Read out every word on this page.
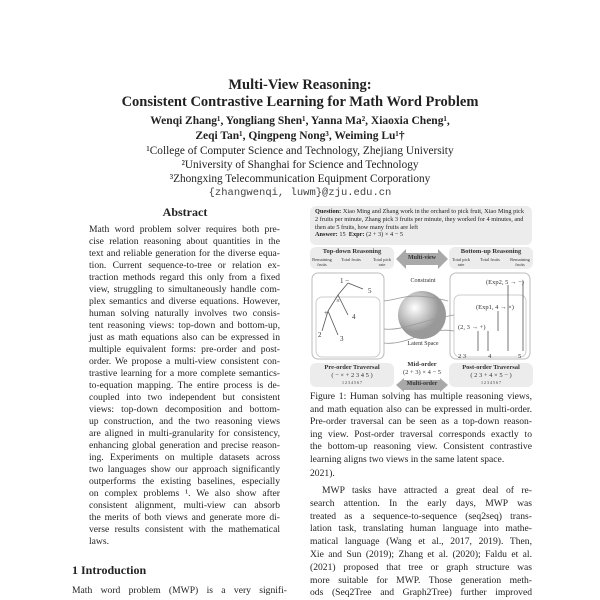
Multi-View Reasoning:
Consistent Contrastive Learning for Math Word Problem
Wenqi Zhang¹, Yongliang Shen¹, Yanna Ma², Xiaoxia Cheng¹,
Zeqi Tan¹, Qingpeng Nong³, Weiming Lu¹†
¹College of Computer Science and Technology, Zhejiang University
²University of Shanghai for Science and Technology
³Zhongxing Telecommunication Equipment Corporationy
{zhangwenqi, luwm}@zju.edu.cn
Abstract
Math word problem solver requires both pre-
cise relation reasoning about quantities in the
text and reliable generation for the diverse equa-
tion. Current sequence-to-tree or relation ex-
traction methods regard this only from a fixed
view, struggling to simultaneously handle com-
plex semantics and diverse equations. However,
human solving naturally involves two consis-
tent reasoning views: top-down and bottom-up,
just as math equations also can be expressed in
multiple equivalent forms: pre-order and post-
order. We propose a multi-view consistent con-
trastive learning for a more complete semantics-
to-equation mapping. The entire process is de-
coupled into two independent but consistent
views: top-down decomposition and bottom-
up construction, and the two reasoning views
are aligned in multi-granularity for consistency,
enhancing global generation and precise reason-
ing. Experiments on multiple datasets across
two languages show our approach significantly
outperforms the existing baselines, especially
on complex problems ¹. We also show after
consistent alignment, multi-view can absorb
the merits of both views and generate more di-
verse results consistent with the mathematical
laws.
1 Introduction
Math word problem (MWP) is a very signifi-
Question: Xiao Ming and Zhang work in the orchard to pick fruit, Xiao Ming pick 2 fruits per minute, Zhang pick 3 fruits per minute, they worked for 4 minutes, and then ate 5 fruits, how many fruits are left
Answer: 15 Expr: (2 + 3) × 4 − 5
Top-down Reasoning
Remaining fruits
Total fruits	Total pick rate
Multi-view
Bottom-up Reasoning
Total pick rate
Total fruits	Remaining fruits
Constraint
Latent Space
1 −
5
×
4
+
2	3
(Exp2, 5 → −)
(Exp1, 4 → ×)
(2, 3 → +)
2 3	4	5
Pre-order Traversal
( − × + 2 3 4 5 )
1 2 3 4 5 6 7
Mid-order
(2 + 3) × 4 − 5
Multi-order
Post-order Traversal
( 2 3 + 4 × 5 − )
1 2 3 4 5 6 7
Figure 1: Human solving has multiple reasoning views,
and math equation also can be expressed in multi-order.
Pre-order traversal can be seen as a top-down reason-
ing view. Post-order traversal corresponds exactly to
the bottom-up reasoning view. Consistent contrastive
learning aligns two views in the same latent space.
2021).
MWP tasks have attracted a great deal of re-
search attention. In the early days, MWP was
treated as a sequence-to-sequence (seq2seq) trans-
lation task, translating human language into mathe-
matical language (Wang et al., 2017, 2019). Then,
Xie and Sun (2019); Zhang et al. (2020); Faldu et al.
(2021) proposed that tree or graph structure was
more suitable for MWP. Those generation meth-
ods (Seq2Tree and Graph2Tree) further improved
